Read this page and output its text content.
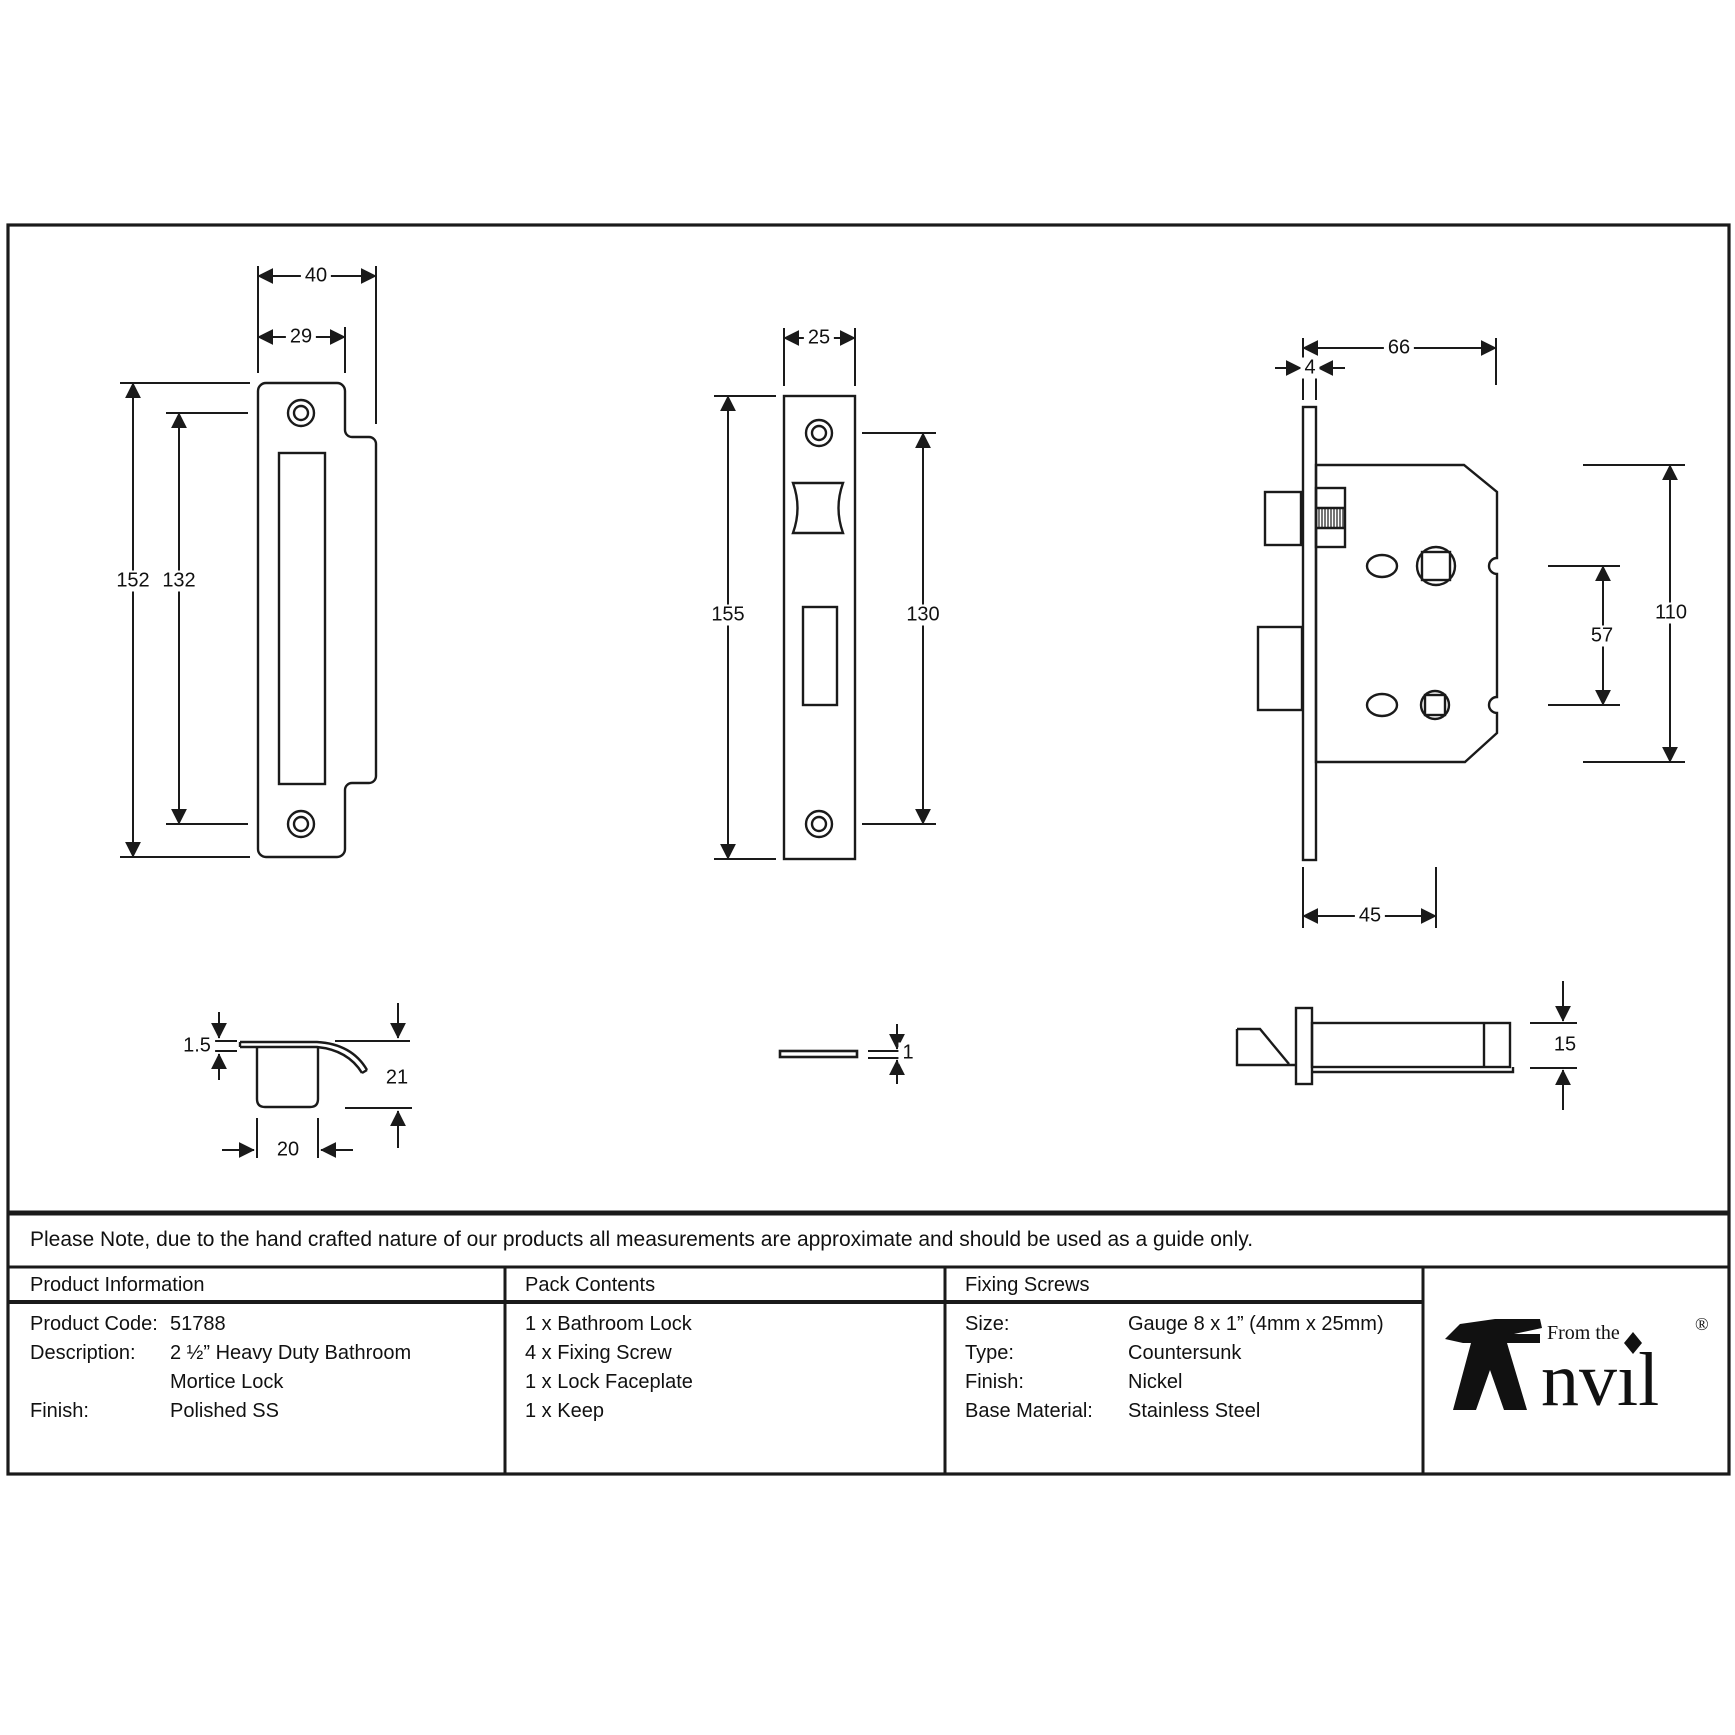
40
29
152 132
25
155	130
66
4
110
57
45
1.5
21
20
1	15
Please Note, due to the hand crafted nature of our products all measurements are approximate and should be used as a guide only.
Product Information
Product Code: 51788
Description:	2 ½” Heavy Duty Bathroom Mortice Lock
Finish:	Polished SS
Pack Contents
1 x Bathroom Lock
4 x Fixing Screw
1 x Lock Faceplate
1 x Keep
Fixing Screws
Size:	Gauge 8 x 1” (4mm x 25mm)
Type:	Countersunk
Finish:	Nickel
Base Material:	Stainless Steel
From the
nvıl
®
